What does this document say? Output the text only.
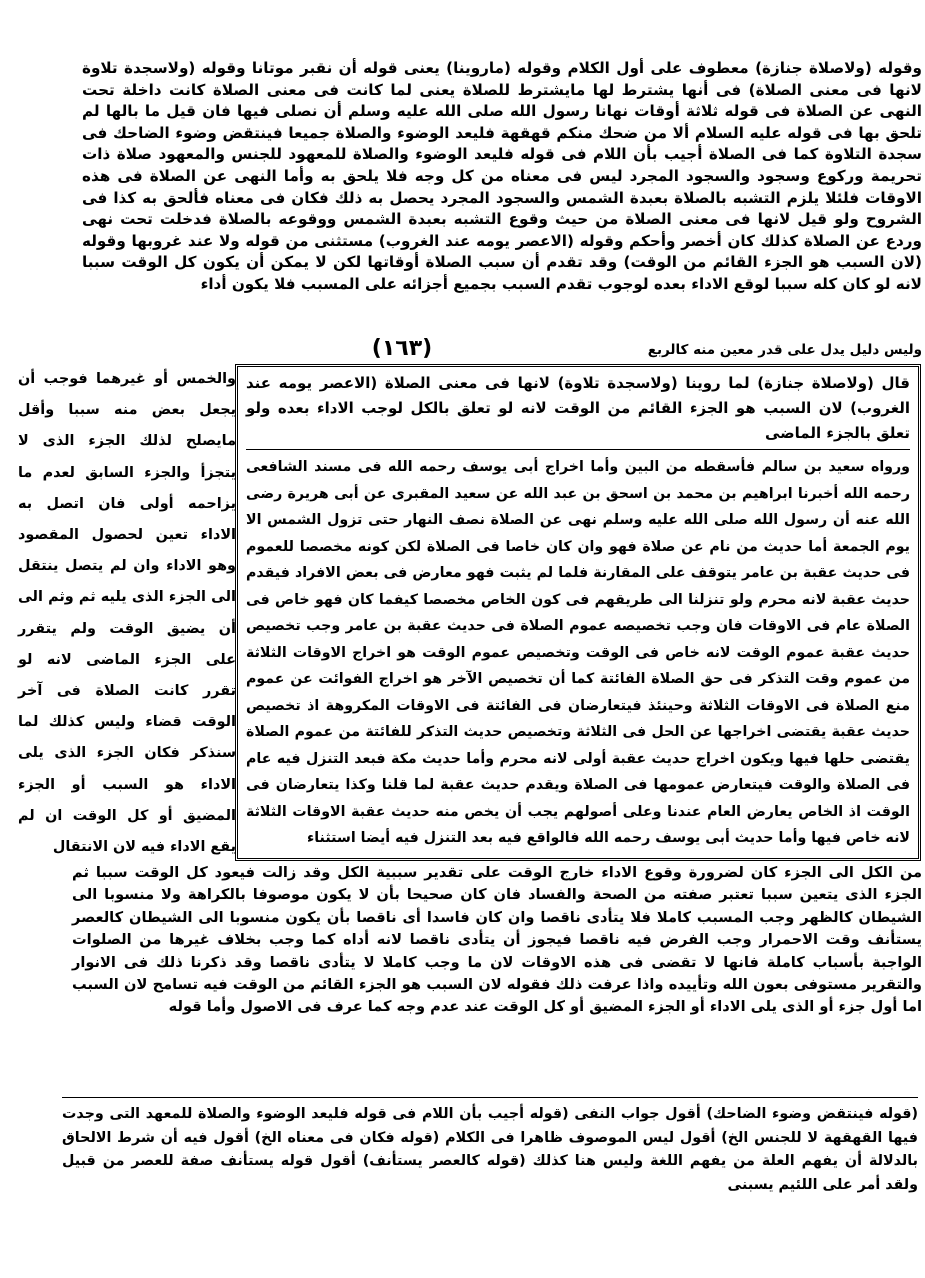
وقوله (ولاصلاة جنازة) معطوف على أول الكلام وقوله (ماروينا) يعنى قوله أن نقبر موتانا وقوله (ولاسجدة تلاوة لانها فى معنى الصلاة) فى أنها يشترط لها مايشترط للصلاة يعنى لما كانت فى معنى الصلاة كانت داخلة تحت النهى عن الصلاة فى قوله ثلاثة أوقات نهانا رسول الله صلى الله عليه وسلم أن نصلى فيها فان قيل ما بالها لم تلحق بها فى قوله عليه السلام ألا من ضحك منكم قهقهة فليعد الوضوء والصلاة جميعا فينتقض وضوء الضاحك فى سجدة التلاوة كما فى الصلاة أجيب بأن اللام فى قوله فليعد الوضوء والصلاة للمعهود للجنس والمعهود صلاة ذات تحريمة وركوع وسجود والسجود المجرد ليس فى معناه من كل وجه فلا يلحق به وأما النهى عن الصلاة فى هذه الاوقات فلئلا يلزم التشبه بالصلاة بعبدة الشمس والسجود المجرد يحصل به ذلك فكان فى معناه فألحق به كذا فى الشروح ولو قيل لانها فى معنى الصلاة من حيث وقوع التشبه بعبدة الشمس ووقوعه بالصلاة فدخلت تحت نهى وردع عن الصلاة كذلك كان أخصر وأحكم وقوله (الاعصر يومه عند الغروب) مستثنى من قوله ولا عند غروبها وقوله (لان السبب هو الجزء القائم من الوقت) وقد تقدم أن سبب الصلاة أوقاتها لكن لا يمكن أن يكون كل الوقت سببا لانه لو كان كله سببا لوقع الاداء بعده لوجوب تقدم السبب بجميع أجزائه على المسبب فلا يكون أداء

(١٦٣)	وليس دليل يدل على قدر معين منه كالربع

والخمس أو غيرهما فوجب أن يجعل بعض منه سببا وأقل مايصلح لذلك الجزء الذى لا يتجزأ والجزء السابق لعدم ما يزاحمه أولى فان اتصل به الاداء تعين لحصول المقصود وهو الاداء وان لم يتصل ينتقل الى الجزء الذى يليه ثم وثم الى أن يضيق الوقت ولم يتقرر على الجزء الماضى لانه لو تقرر كانت الصلاة فى آخر الوقت قضاء وليس كذلك لما سنذكر فكان الجزء الذى يلى الاداء هو السبب أو الجزء المضيق أو كل الوقت ان لم يقع الاداء فيه لان الانتقال

قال (ولاصلاة جنازة) لما روينا (ولاسجدة تلاوة) لانها فى معنى الصلاة (الاعصر يومه عند الغروب) لان السبب هو الجزء القائم من الوقت لانه لو تعلق بالكل لوجب الاداء بعده ولو تعلق بالجزء الماضى

ورواه سعيد بن سالم فأسقطه من البين وأما اخراج أبى يوسف رحمه الله فى مسند الشافعى رحمه الله أخبرنا ابراهيم بن محمد بن اسحق بن عبد الله عن سعيد المقبرى عن أبى هريرة رضى الله عنه أن رسول الله صلى الله عليه وسلم نهى عن الصلاة نصف النهار حتى تزول الشمس الا يوم الجمعة أما حديث من نام عن صلاة فهو وان كان خاصا فى الصلاة لكن كونه مخصصا للعموم فى حديث عقبة بن عامر يتوقف على المقارنة فلما لم يثبت فهو معارض فى بعض الافراد فيقدم حديث عقبة لانه محرم ولو تنزلنا الى طريقهم فى كون الخاص مخصصا كيفما كان فهو خاص فى الصلاة عام فى الاوقات فان وجب تخصيصه عموم الصلاة فى حديث عقبة بن عامر وجب تخصيص حديث عقبة عموم الوقت لانه خاص فى الوقت وتخصيص عموم الوقت هو اخراج الاوقات الثلاثة من عموم وقت التذكر فى حق الصلاة الفائتة كما أن تخصيص الآخر هو اخراج الفوائت عن عموم منع الصلاة فى الاوقات الثلاثة وحينئذ فيتعارضان فى الفائتة فى الاوقات المكروهة اذ تخصيص حديث عقبة يقتضى اخراجها عن الحل فى الثلاثة وتخصيص حديث التذكر للفائتة من عموم الصلاة يقتضى حلها فيها ويكون اخراج حديث عقبة أولى لانه محرم وأما حديث مكة فبعد التنزل فيه عام فى الصلاة والوقت فيتعارض عمومها فى الصلاة ويقدم حديث عقبة لما قلنا وكذا يتعارضان فى الوقت اذ الخاص يعارض العام عندنا وعلى أصولهم يجب أن يخص منه حديث عقبة الاوقات الثلاثة لانه خاص فيها وأما حديث أبى يوسف رحمه الله فالواقع فيه بعد التنزل فيه أيضا استثناء

من الكل الى الجزء كان لضرورة وقوع الاداء خارج الوقت على تقدير سببية الكل وقد زالت فيعود كل الوقت سببا ثم الجزء الذى يتعين سببا تعتبر صفته من الصحة والفساد فان كان صحيحا بأن لا يكون موصوفا بالكراهة ولا منسوبا الى الشيطان كالظهر وجب المسبب كاملا فلا يتأدى ناقصا وان كان فاسدا أى ناقصا بأن يكون منسوبا الى الشيطان كالعصر يستأنف وقت الاحمرار وجب الفرض فيه ناقصا فيجوز أن يتأدى ناقصا لانه أداه كما وجب بخلاف غيرها من الصلوات الواجبة بأسباب كاملة فانها لا تقضى فى هذه الاوقات لان ما وجب كاملا لا يتأدى ناقصا وقد ذكرنا ذلك فى الانوار والتقرير مستوفى بعون الله وتأييده واذا عرفت ذلك فقوله لان السبب هو الجزء القائم من الوقت فيه تسامح لان السبب اما أول جزء أو الذى يلى الاداء أو الجزء المضيق أو كل الوقت عند عدم وجه كما عرف فى الاصول وأما قوله

(قوله فينتقض وضوء الضاحك) أقول جواب النفى (قوله أجيب بأن اللام فى قوله فليعد الوضوء والصلاة للمعهد التى وجدت فيها القهقهة لا للجنس الخ) أقول ليس الموصوف ظاهرا فى الكلام (قوله فكان فى معناه الخ) أقول فيه أن شرط الالحاق بالدلالة أن يفهم العلة من يفهم اللغة وليس هنا كذلك (قوله كالعصر يستأنف) أقول قوله يستأنف صفة للعصر من قبيل ولقد أمر على اللئيم يسبنى
